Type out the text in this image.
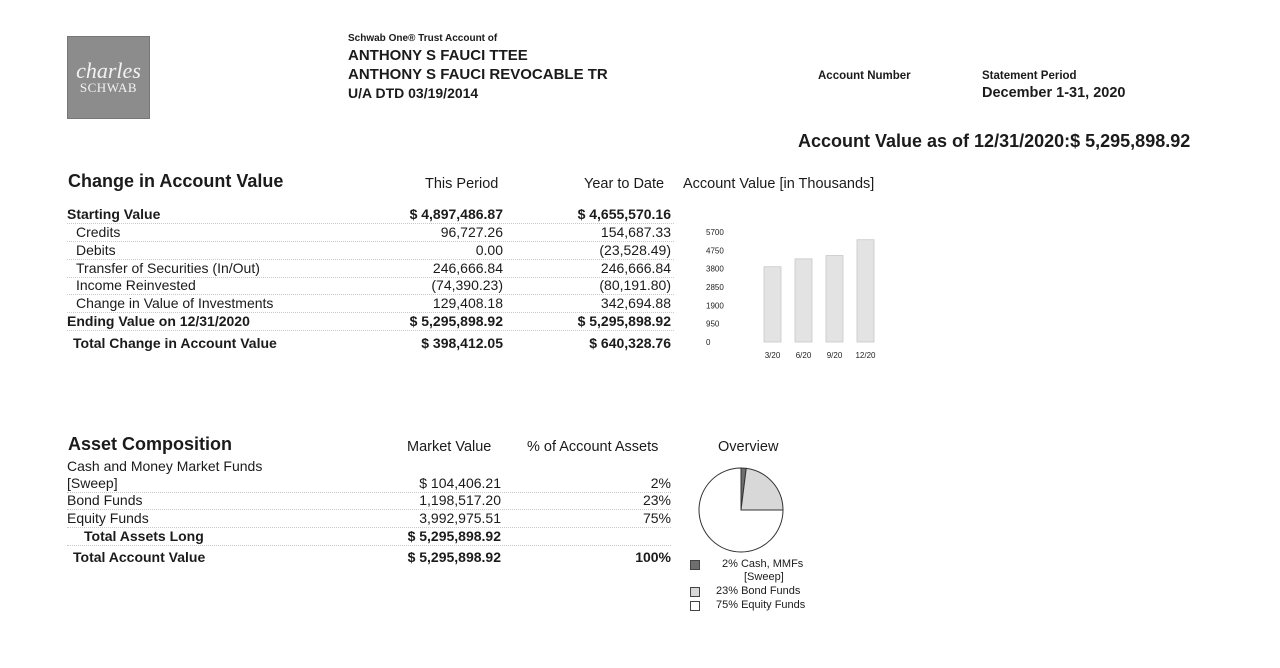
charles
SCHWAB
Schwab One® Trust Account of
ANTHONY S FAUCI TTEE
ANTHONY S FAUCI REVOCABLE TR
U/A DTD 03/19/2014
Account Number	Statement Period
December 1-31, 2020
Account Value as of 12/31/2020:$ 5,295,898.92
Change in Account Value	This Period	Year to Date
Starting Value	$ 4,897,486.87	$ 4,655,570.16
Credits	96,727.26	154,687.33
Debits	0.00	(23,528.49)
Transfer of Securities (In/Out)	246,666.84	246,666.84
Income Reinvested	(74,390.23)	(80,191.80)
Change in Value of Investments	129,408.18	342,694.88
Ending Value on 12/31/2020	$ 5,295,898.92	$ 5,295,898.92
Total Change in Account Value	$ 398,412.05	$ 640,328.76
Account Value [in Thousands]
5700
4750
3800
2850
1900
950
0
3/20 6/20 9/20 12/20
Asset Composition	Market Value % of Account Assets
Cash and Money Market Funds
[Sweep]	$ 104,406.21	2%
Bond Funds	1,198,517.20	23%
Equity Funds	3,992,975.51	75%
Total Assets Long	$ 5,295,898.92
Total Account Value	$ 5,295,898.92	100%
Overview
2% Cash, MMFs
[Sweep]
23% Bond Funds
75% Equity Funds
